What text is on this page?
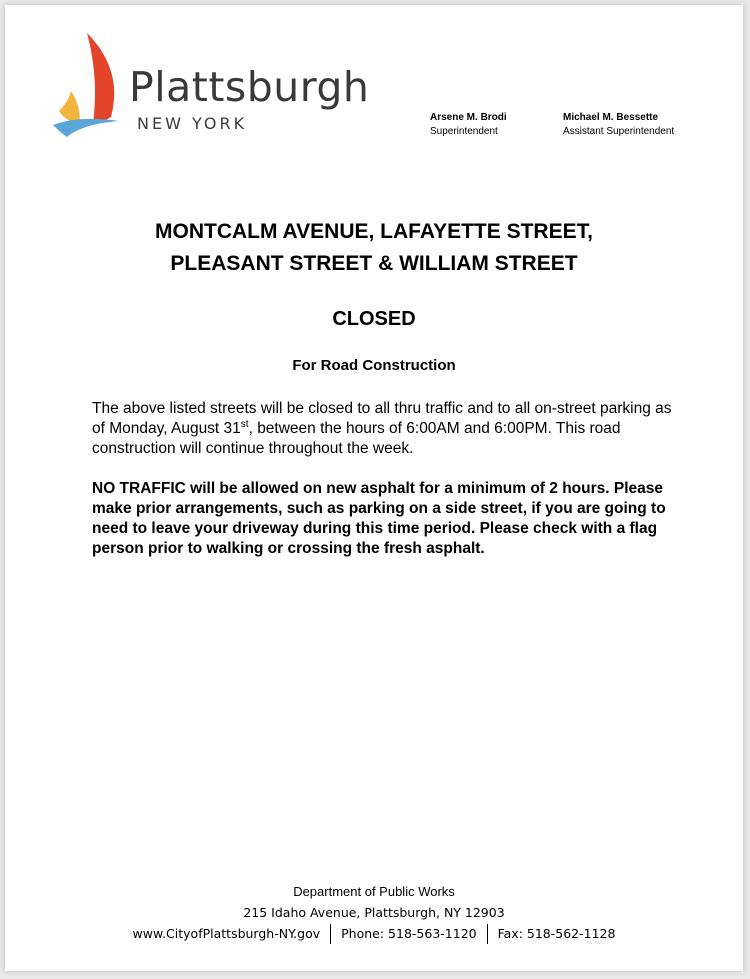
Plattsburgh
NEW YORK	Arsene M. Brodi
Superintendent
Michael M. Bessette
Assistant Superintendent
MONTCALM AVENUE, LAFAYETTE STREET,
PLEASANT STREET & WILLIAM STREET
CLOSED
For Road Construction

The above listed streets will be closed to all thru traffic and to all on-street parking as of Monday, August 31st, between the hours of 6:00AM and 6:00PM. This road construction will continue throughout the week.

NO TRAFFIC will be allowed on new asphalt for a minimum of 2 hours. Please make prior arrangements, such as parking on a side street, if you are going to need to leave your driveway during this time period. Please check with a flag person prior to walking or crossing the fresh asphalt.

Department of Public Works
215 Idaho Avenue, Plattsburgh, NY 12903
www.CityofPlattsburgh-NY.gov Phone: 518-563-1120 Fax: 518-562-1128
